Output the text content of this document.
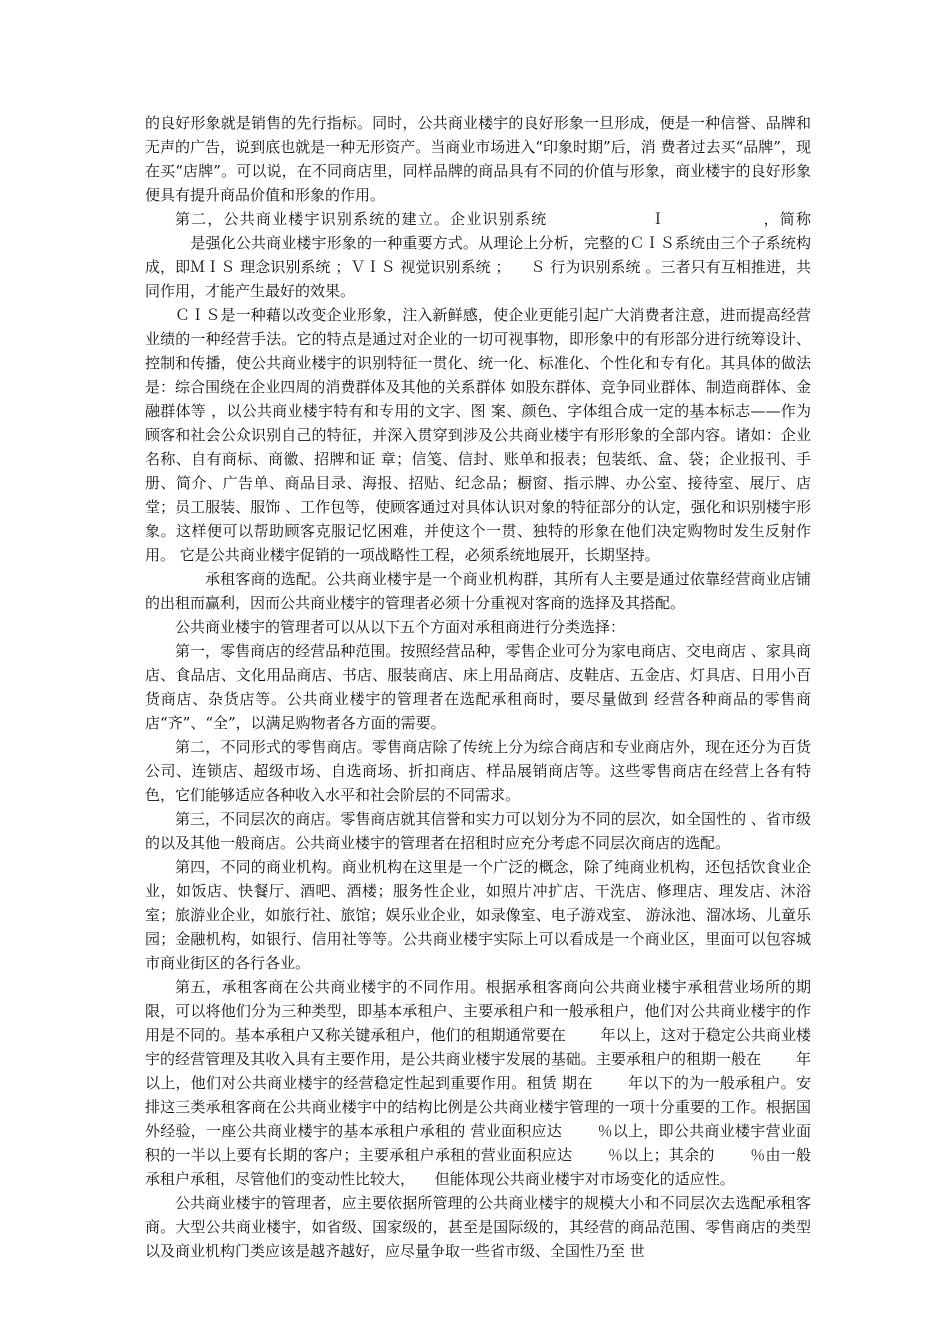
的良好形象就是销售的先行指标。同时，公共商业楼宇的良好形象一旦形成，便是一种信誉、品牌和无声的广告，说到底也就是一种无形资产。当商业市场进入“印象时期”后，消 费者过去买“品牌”，现在买“店牌”。可以说，在不同商店里，同样品牌的商品具有不同的价值与形象，商业楼宇的良好形象便具有提升商品价值和形象的作用。

第二，公共商业楼宇识别系统的建立。企业识别系统 　　　　　　Ｉ　　　　　　，简称 　　　是强化公共商业楼宇形象的一种重要方式。从理论上分析，完整的ＣＩＳ系统由三个子系统构成，即ＭＩＳ 理念识别系统 ；ＶＩＳ 视觉识别系统 ； 　Ｓ 行为识别系统 。三者只有互相推进，共同作用，才能产生最好的效果。

ＣＩＳ是一种藉以改变企业形象，注入新鲜感，使企业更能引起广大消费者注意，进而提高经营业绩的一种经营手法。它的特点是通过对企业的一切可视事物，即形象中的有形部分进行统筹设计、控制和传播，使公共商业楼宇的识别特征一贯化、统一化、标准化、个性化和专有化。其具体的做法是：综合围绕在企业四周的消费群体及其他的关系群体 如股东群体、竞争同业群体、制造商群体、金融群体等 ，以公共商业楼宇特有和专用的文字、图 案、颜色、字体组合成一定的基本标志——作为顾客和社会公众识别自己的特征，并深入贯穿到涉及公共商业楼宇有形形象的全部内容。诸如：企业名称、自有商标、商徽、招牌和证 章；信笺、信封、账单和报表；包装纸、盒、袋；企业报刊、手册、简介、广告单、商品目录、海报、招贴、纪念品；橱窗、指示牌、办公室、接待室、展厅、店堂；员工服装、服饰 、工作包等，使顾客通过对具体认识对象的特征部分的认定，强化和识别楼宇形象。这样便可以帮助顾客克服记忆困难，并使这个一贯、独特的形象在他们决定购物时发生反射作用。 它是公共商业楼宇促销的一项战略性工程，必须系统地展开，长期坚持。

承租客商的选配。公共商业楼宇是一个商业机构群，其所有人主要是通过依靠经营商业店铺的出租而赢利，因而公共商业楼宇的管理者必须十分重视对客商的选择及其搭配。

公共商业楼宇的管理者可以从以下五个方面对承租商进行分类选择：

第一，零售商店的经营品种范围。按照经营品种，零售企业可分为家电商店、交电商店 、家具商店、食品店、文化用品商店、书店、服装商店、床上用品商店、皮鞋店、五金店、灯具店、日用小百货商店、杂货店等。公共商业楼宇的管理者在选配承租商时，要尽量做到 经营各种商品的零售商店“齐”、“全”，以满足购物者各方面的需要。

第二，不同形式的零售商店。零售商店除了传统上分为综合商店和专业商店外，现在还分为百货公司、连锁店、超级市场、自选商场、折扣商店、样品展销商店等。这些零售商店在经营上各有特色，它们能够适应各种收入水平和社会阶层的不同需求。

第三，不同层次的商店。零售商店就其信誉和实力可以划分为不同的层次，如全国性的 、省市级的以及其他一般商店。公共商业楼宇的管理者在招租时应充分考虑不同层次商店的选配。

第四，不同的商业机构。商业机构在这里是一个广泛的概念，除了纯商业机构，还包括饮食业企业，如饭店、快餐厅、酒吧、酒楼；服务性企业，如照片冲扩店、干洗店、修理店、理发店、沐浴室；旅游业企业，如旅行社、旅馆；娱乐业企业，如录像室、电子游戏室、 游泳池、溜冰场、儿童乐园；金融机构，如银行、信用社等等。公共商业楼宇实际上可以看成是一个商业区，里面可以包容城市商业街区的各行各业。

第五，承租客商在公共商业楼宇的不同作用。根据承租客商向公共商业楼宇承租营业场所的期限，可以将他们分为三种类型，即基本承租户、主要承租户和一般承租户，他们对公共商业楼宇的作用是不同的。基本承租户又称关键承租户，他们的租期通常要在 　　年以上，这对于稳定公共商业楼宇的经营管理及其收入具有主要作用，是公共商业楼宇发展的基础。主要承租户的租期一般在 　　年以上，他们对公共商业楼宇的经营稳定性起到重要作用。租赁 期在 　　年以下的为一般承租户。安排这三类承租客商在公共商业楼宇中的结构比例是公共商业楼宇管理的一项十分重要的工作。根据国外经验，一座公共商业楼宇的基本承租户承租的 营业面积应达 　　％以上，即公共商业楼宇营业面积的一半以上要有长期的客户；主要承租户承租的营业面积应达 　　％以上；其余的 　　％由一般承租户承租，尽管他们的变动性比较大， 　但能体现公共商业楼宇对市场变化的适应性。

公共商业楼宇的管理者，应主要依据所管理的公共商业楼宇的规模大小和不同层次去选配承租客商。大型公共商业楼宇，如省级、国家级的，甚至是国际级的，其经营的商品范围、零售商店的类型以及商业机构门类应该是越齐越好，应尽量争取一些省市级、全国性乃至 世
